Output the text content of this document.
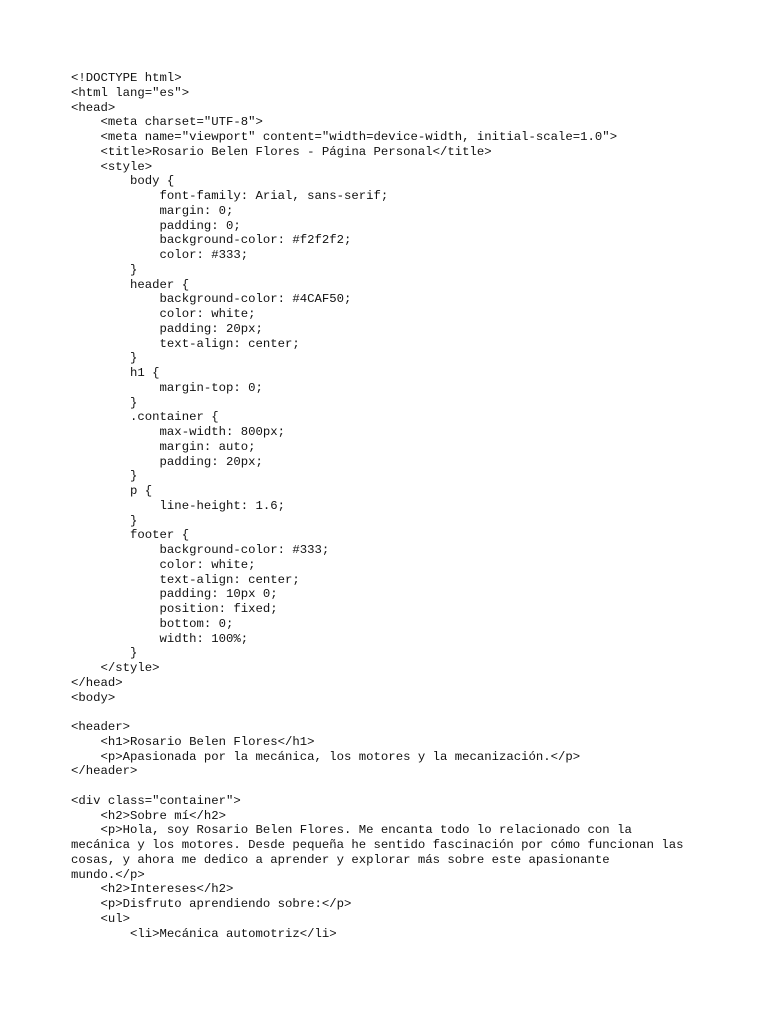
<!DOCTYPE html>
<html lang="es">
<head>
<meta charset="UTF-8">
<meta name="viewport" content="width=device-width, initial-scale=1.0">
<title>Rosario Belen Flores - Página Personal</title>
<style>
body {
font-family: Arial, sans-serif;
margin: 0;
padding: 0;
background-color: #f2f2f2;
color: #333;
}
header {
background-color: #4CAF50;
color: white;
padding: 20px;
text-align: center;
}
h1 {
margin-top: 0;
}
.container {
max-width: 800px;
margin: auto;
padding: 20px;
}
p {
line-height: 1.6;
}
footer {
background-color: #333;
color: white;
text-align: center;
padding: 10px 0;
position: fixed;
bottom: 0;
width: 100%;
}
</style>
</head>
<body>
<header>
<h1>Rosario Belen Flores</h1>
<p>Apasionada por la mecánica, los motores y la mecanización.</p>
</header>
<div class="container">
<h2>Sobre mí</h2>
<p>Hola, soy Rosario Belen Flores. Me encanta todo lo relacionado con la
mecánica y los motores. Desde pequeña he sentido fascinación por cómo funcionan las
cosas, y ahora me dedico a aprender y explorar más sobre este apasionante
mundo.</p>
<h2>Intereses</h2>
<p>Disfruto aprendiendo sobre:</p>
<ul>
<li>Mecánica automotriz</li>
